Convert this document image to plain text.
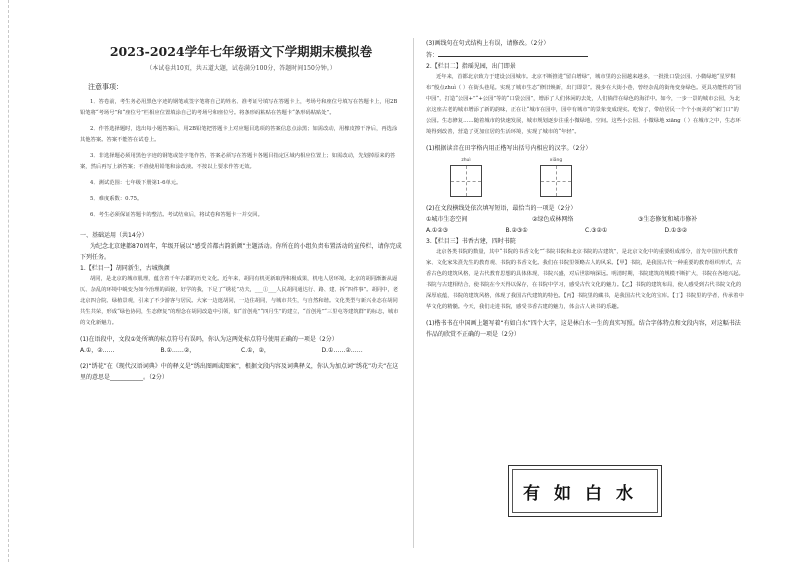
2023-2024学年七年级语文下学期期末模拟卷
（本试卷共10页，共五道大题，试卷满分100分，答题时间150分钟。）
注意事项：

1．答卷前，考生务必用黑色字迹的钢笔或签字笔将自己的姓名、准考证号填写在答题卡上，考场号和座位号填写在答题卡上，用2B铅笔将“考场号”和“座位号”栏相应位置填涂自己的考场号和座位号。将条形码粘贴在答题卡“条形码粘贴处”。

2．作答选择题时，选出每小题答案后，用2B铅笔把答题卡上对应题目选项的答案信息点涂黑；如需改动，用橡皮擦干净后，再选涂其他答案。答案不能答在试卷上。

3．非选择题必须用黑色字迹的钢笔或签字笔作答，答案必须写在答题卡各题目指定区域内相应位置上；如需改动，先划掉原来的答案，然后再写上新答案；不准使用铅笔和涂改液。不按以上要求作答无效。

4．测试范围：七年级下册第1-6单元。

5．难度系数：0.75。

6．考生必须保证答题卡的整洁。考试结束后，将试卷和答题卡一并交回。

一、基础运用（共14分）

为纪念北京建都870周年，年级开展以“感受首都古韵新颜”主题活动。你所在的小组负责布置活动的宣传栏，请你完成下列任务。

1.【栏目一】胡同新生，古城焕颜

胡同，是北京的城市肌理，蕴含着千年古都的历史文化。近年来，胡同有机更新取得积极成果，机电人居环境。北京的胡同渐渐从逼仄、杂乱的环境中蜕变为如今治理的面貌，好学的我，下足了“绣花”功夫，___①___人民胡同通达行、路、建、拆“四件事”。胡同中，老北京四合院、绿植景观，引来了不少游客与居民。大家一边逛胡同，一边住胡同，与城市共生，与自然和谐。文化类型与新兴业态在胡同共生共荣，形成“绿色协同，生态修复”的理念在胡同改造中引领，如“首创苑”“四月生”的建立，“首创苑”“三里屯等建筑群”的标志，城市的文化新魅力。

(1)在语段中，文段①处所填的标点符号有误吗，你认为这两处标点符号使用正确的一项是（2分）

A.①，②……	B.①……②，	C.①，②，	D.①……②……

(2)“绣花”在《现代汉语词典》中的释义是“绣出图画或图案”，根据文段内容及词典释义，你认为加点词“绣花”功夫“在这里的意思是___________。（2分）

(3)画线句在句式结构上有误，请修改。（2分）

答：

2.【栏目二】指瑶见园，出门即景

近年来，首都北京致力于建设公园城市。北京不断推进“留白增绿”，城市里的公园越来越多，一批批口袋公园、小微绿地“星罗棋布”般点zhuì（ ）在街头巷尾。实现了城市生态“修旧焕新，出门即景”。漫步在大街小巷，曾经杂乱的街角变身绿色。更具功能性的“园中园”，打造“公园+”“+公园”等的“口袋公园”，增添了人们休闲的去处，人们徜徉在绿色的海洋中。如今，一步一景的城市公园，为北京这座古老的城市增添了新的韵味，正在让“城市在园中，园中有城市”的景象变成现实。吃惊了，带给居民一个个小而美的“家门口”的公园。生态修复……随着城市的快速发展，城市规划逐步注重小微绿地，空间。这些小公园、小微绿地 xiānɡ（ ）在城市之中，生态环境得到改善，营造了更加宜居的生活环境，实现了城市的“年轻”。

(1)根据读音在田字格内用正楷写出括号内相应的汉字。（2分）

zhuì	xiānɡ

(2)在文段横线处依次填写短语，最恰当的一项是（2分）

①城市生态空间	②绿色成林网络	③生态修复和城市修补
A.①②③	B.②③①	C.③②①	D.①③②

3.【栏目三】书香古建，四时书院

北京各类书院的数量，其中“书院的书香文化”“书院书院和北京书院的古建筑”，是北京文化中的重要组成部分，首先中国历代教育家、文化家朱熹先生的教育观、书院的书香文化。我们在书院里领略古人的风采。【甲】书院，是我国古代一种重要的教育组织形式，古香古色的建筑风格，是古代教育思想的具体体现，书院兴盛，对后世影响深远。明清时期，书院建筑的规模不断扩大，书院在各地兴起。书院与古建相结合，使书院在今天得以保存，在书院中学习，感受古代文化的魅力。【乙】书院的建筑布局，使人感受到古代书院文化的深厚底蕴，书院的建筑风格，体现了我国古代建筑的特色。【丙】书院里的藏书，是我国古代文化的宝库。【丁】书院里的学者，传承着中华文化的精髓。今天，我们走进书院，感受书香古建的魅力，体会古人读书的乐趣。

(1)楷书书在中国画上题写着“有如白水”四个大字，这是林白水一生的真实写照。结合字体特点和文段内容，对这幅书法作品的欣赏不正确的一项是（2分）

有如白水
